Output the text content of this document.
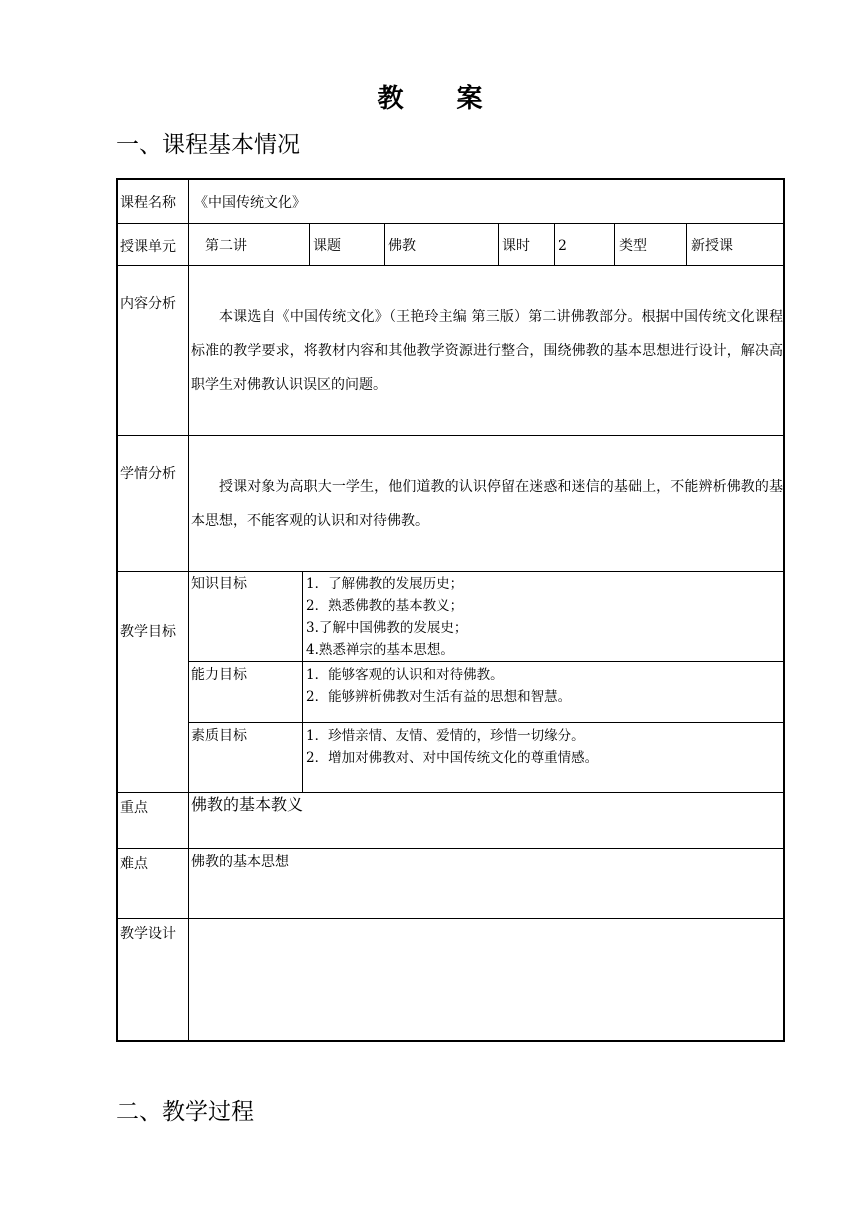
教 案
一、课程基本情况
课程名称	《中国传统文化》
授课单元	第二讲	课题	佛教	课时	2	类型	新授课
内容分析
本课选自《中国传统文化》（王艳玲主编 第三版）第二讲佛教部分。根据中国传统文化课程标准的教学要求，将教材内容和其他教学资源进行整合，围绕佛教的基本思想进行设计，解决高职学生对佛教认识误区的问题。
学情分析
授课对象为高职大一学生，他们道教的认识停留在迷惑和迷信的基础上，不能辨析佛教的基本思想，不能客观的认识和对待佛教。
教学目标
知识目标	1．了解佛教的发展历史；
2．熟悉佛教的基本教义；
3.了解中国佛教的发展史；
4.熟悉禅宗的基本思想。
能力目标	1．能够客观的认识和对待佛教。
2．能够辨析佛教对生活有益的思想和智慧。
素质目标	1．珍惜亲情、友情、爱情的，珍惜一切缘分。
2．增加对佛教对、对中国传统文化的尊重情感。
重点	佛教的基本教义
难点	佛教的基本思想
教学设计
二、教学过程
